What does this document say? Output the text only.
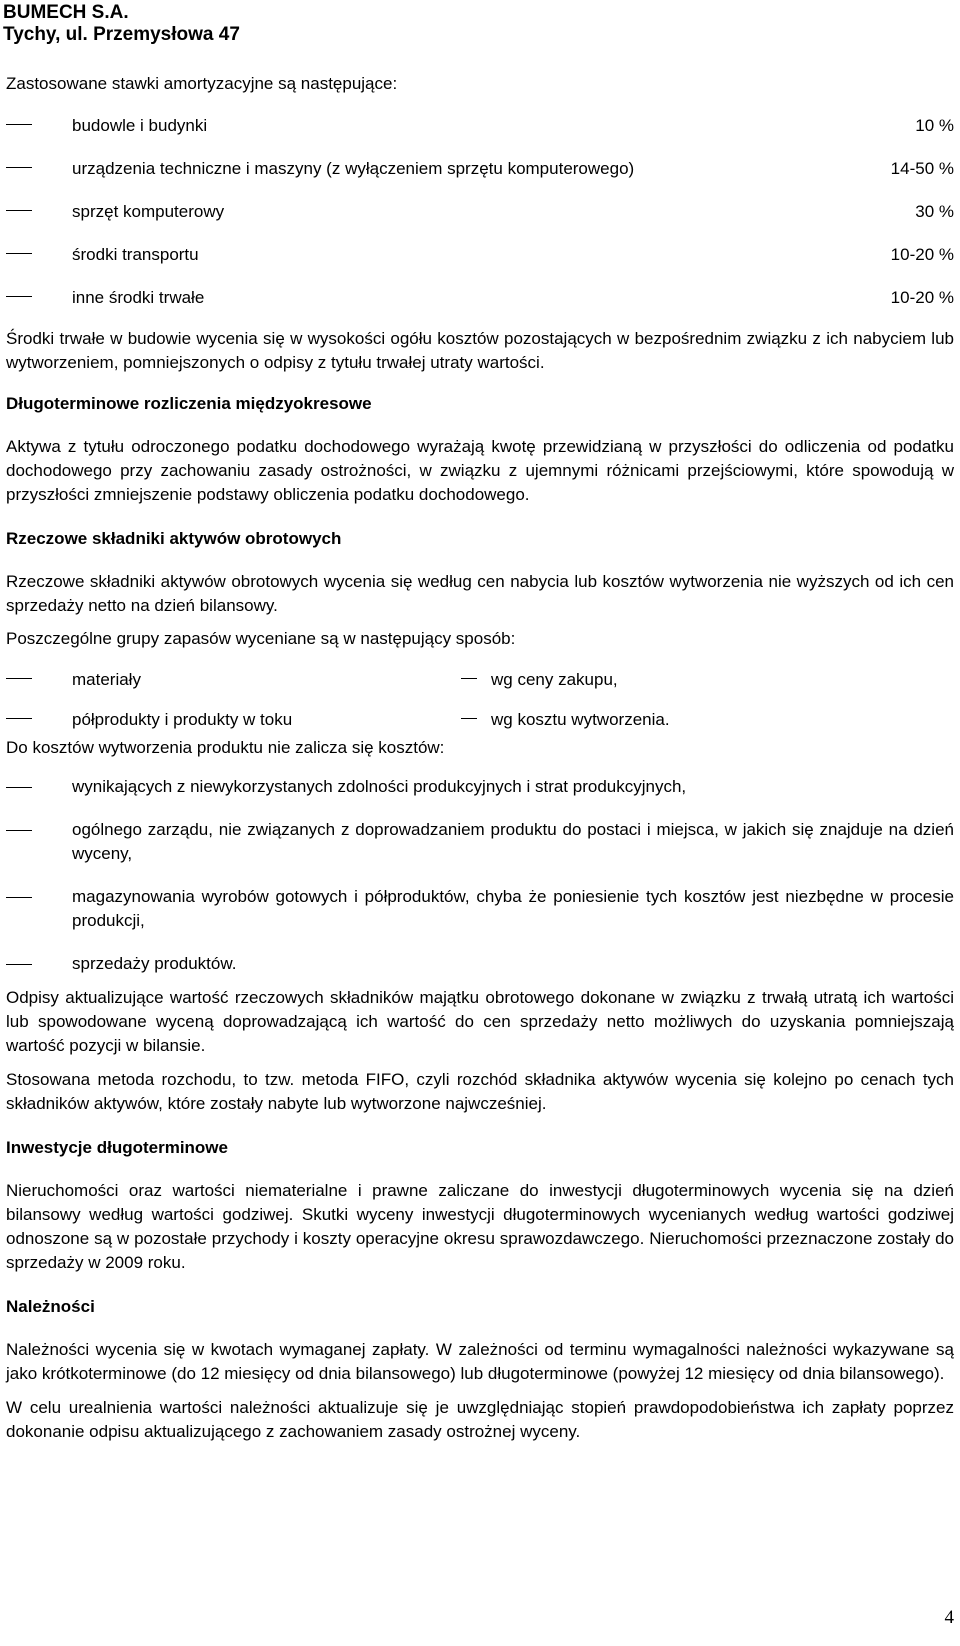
BUMECH S.A.
Tychy, ul. Przemysłowa 47

Zastosowane stawki amortyzacyjne są następujące:

budowle i budynki	10 %
urządzenia techniczne i maszyny (z wyłączeniem sprzętu komputerowego)	14-50 %
sprzęt komputerowy	30 %
środki transportu	10-20 %
inne środki trwałe	10-20 %

Środki trwałe w budowie wycenia się w wysokości ogółu kosztów pozostających w bezpośrednim związku z ich nabyciem lub wytworzeniem, pomniejszonych o odpisy z tytułu trwałej utraty wartości.

Długoterminowe rozliczenia międzyokresowe

Aktywa z tytułu odroczonego podatku dochodowego wyrażają kwotę przewidzianą w przyszłości do odliczenia od podatku dochodowego przy zachowaniu zasady ostrożności, w związku z ujemnymi różnicami przejściowymi, które spowodują w przyszłości zmniejszenie podstawy obliczenia podatku dochodowego.

Rzeczowe składniki aktywów obrotowych

Rzeczowe składniki aktywów obrotowych wycenia się według cen nabycia lub kosztów wytworzenia nie wyższych od ich cen sprzedaży netto na dzień bilansowy.

Poszczególne grupy zapasów wyceniane są w następujący sposób:

materiały	wg ceny zakupu,
półprodukty i produkty w toku	wg kosztu wytworzenia.

Do kosztów wytworzenia produktu nie zalicza się kosztów:

wynikających z niewykorzystanych zdolności produkcyjnych i strat produkcyjnych,
ogólnego zarządu, nie związanych z doprowadzaniem produktu do postaci i miejsca, w jakich się znajduje na dzień wyceny,
magazynowania wyrobów gotowych i półproduktów, chyba że poniesienie tych kosztów jest niezbędne w procesie produkcji,
sprzedaży produktów.

Odpisy aktualizujące wartość rzeczowych składników majątku obrotowego dokonane w związku z trwałą utratą ich wartości lub spowodowane wyceną doprowadzającą ich wartość do cen sprzedaży netto możliwych do uzyskania pomniejszają wartość pozycji w bilansie.

Stosowana metoda rozchodu, to tzw. metoda FIFO, czyli rozchód składnika aktywów wycenia się kolejno po cenach tych składników aktywów, które zostały nabyte lub wytworzone najwcześniej.

Inwestycje długoterminowe

Nieruchomości oraz wartości niematerialne i prawne zaliczane do inwestycji długoterminowych wycenia się na dzień bilansowy według wartości godziwej. Skutki wyceny inwestycji długoterminowych wycenianych według wartości godziwej odnoszone są w pozostałe przychody i koszty operacyjne okresu sprawozdawczego. Nieruchomości przeznaczone zostały do sprzedaży w 2009 roku.

Należności

Należności wycenia się w kwotach wymaganej zapłaty. W zależności od terminu wymagalności należności wykazywane są jako krótkoterminowe (do 12 miesięcy od dnia bilansowego) lub długoterminowe (powyżej 12 miesięcy od dnia bilansowego).

W celu urealnienia wartości należności aktualizuje się je uwzględniając stopień prawdopodobieństwa ich zapłaty poprzez dokonanie odpisu aktualizującego z zachowaniem zasady ostrożnej wyceny.

4
